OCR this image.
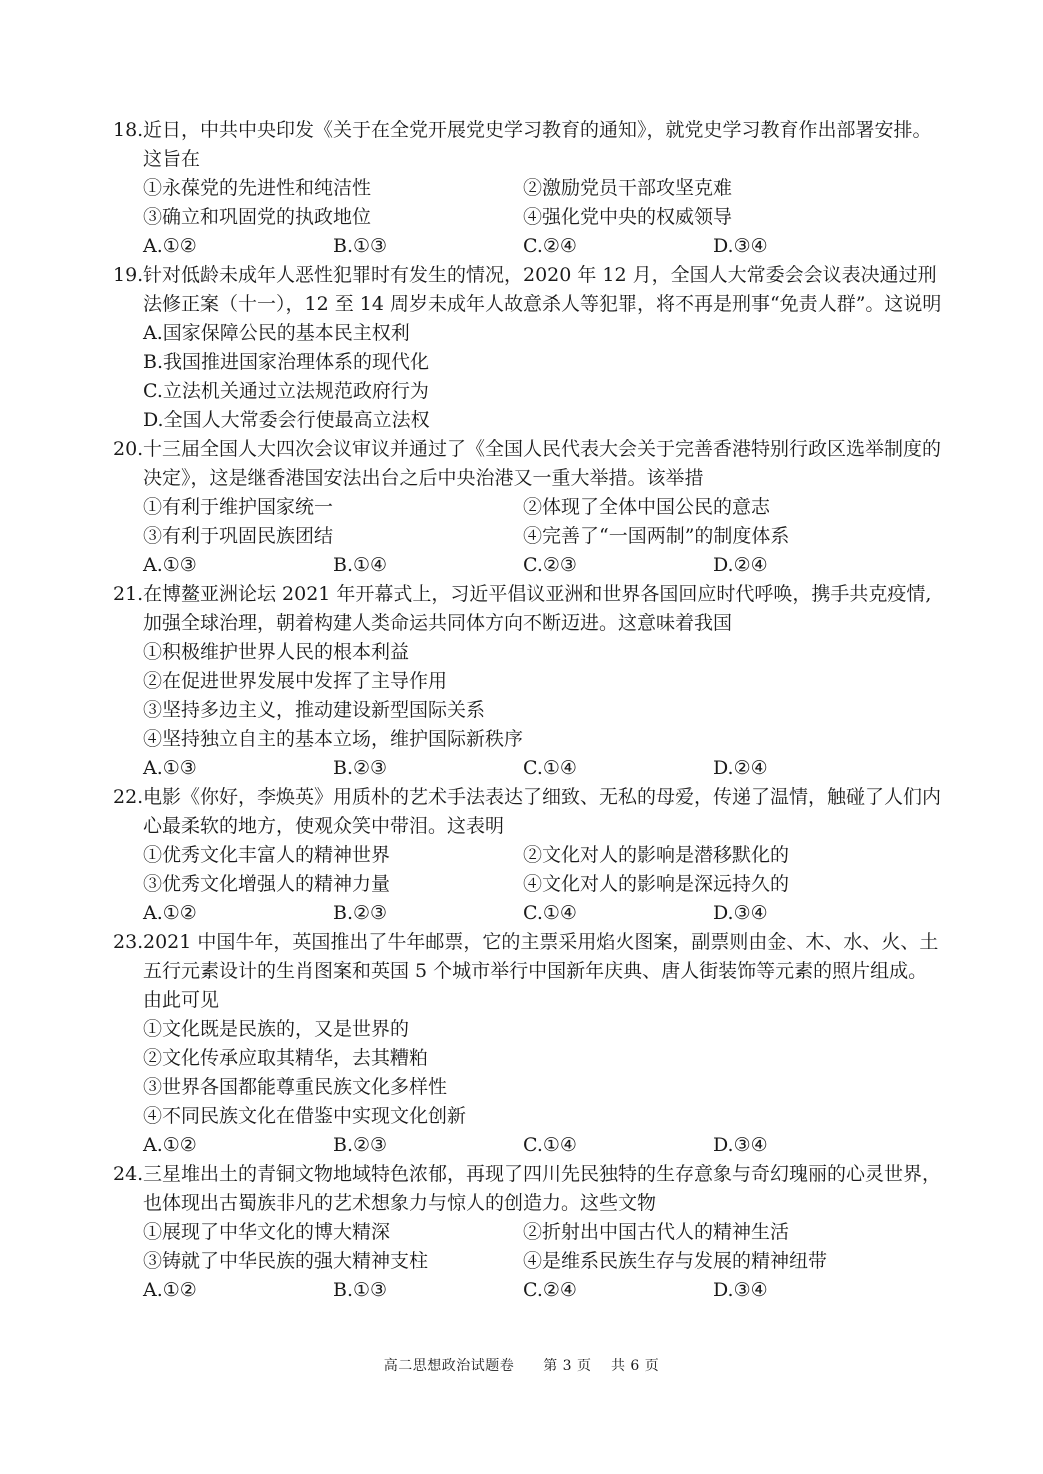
18. 近日，中共中央印发《关于在全党开展党史学习教育的通知》，就党史学习教育作出部署安排。这旨在
①永葆党的先进性和纯洁性	②激励党员干部攻坚克难
③确立和巩固党的执政地位	④强化党中央的权威领导
A.①②	B.①③	C.②④	D.③④
19. 针对低龄未成年人恶性犯罪时有发生的情况，2020 年 12 月，全国人大常委会会议表决通过刑法修正案（十一），12 至 14 周岁未成年人故意杀人等犯罪，将不再是刑事“免责人群”。这说明
A.国家保障公民的基本民主权利
B.我国推进国家治理体系的现代化
C.立法机关通过立法规范政府行为
D.全国人大常委会行使最高立法权
20. 十三届全国人大四次会议审议并通过了《全国人民代表大会关于完善香港特别行政区选举制度的决定》，这是继香港国安法出台之后中央治港又一重大举措。该举措
①有利于维护国家统一	②体现了全体中国公民的意志
③有利于巩固民族团结	④完善了“一国两制”的制度体系
A.①③	B.①④	C.②③	D.②④
21. 在博鳌亚洲论坛 2021 年开幕式上，习近平倡议亚洲和世界各国回应时代呼唤，携手共克疫情,加强全球治理，朝着构建人类命运共同体方向不断迈进。这意味着我国
①积极维护世界人民的根本利益
②在促进世界发展中发挥了主导作用
③坚持多边主义，推动建设新型国际关系
④坚持独立自主的基本立场，维护国际新秩序
A.①③	B.②③	C.①④	D.②④
22. 电影《你好，李焕英》用质朴的艺术手法表达了细致、无私的母爱，传递了温情，触碰了人们内心最柔软的地方，使观众笑中带泪。这表明
①优秀文化丰富人的精神世界	②文化对人的影响是潜移默化的
③优秀文化增强人的精神力量	④文化对人的影响是深远持久的
A.①②	B.②③	C.①④	D.③④
23. 2021 中国牛年，英国推出了牛年邮票，它的主票采用焰火图案，副票则由金、木、水、火、土五行元素设计的生肖图案和英国 5 个城市举行中国新年庆典、唐人街装饰等元素的照片组成。由此可见
①文化既是民族的，又是世界的
②文化传承应取其精华，去其糟粕
③世界各国都能尊重民族文化多样性
④不同民族文化在借鉴中实现文化创新
A.①②	B.②③	C.①④	D.③④
24. 三星堆出土的青铜文物地域特色浓郁，再现了四川先民独特的生存意象与奇幻瑰丽的心灵世界，也体现出古蜀族非凡的艺术想象力与惊人的创造力。这些文物
①展现了中华文化的博大精深	②折射出中国古代人的精神生活
③铸就了中华民族的强大精神支柱	④是维系民族生存与发展的精神纽带
A.①②	B.①③	C.②④	D.③④
高二思想政治试题卷　　第 3 页　 共 6 页
